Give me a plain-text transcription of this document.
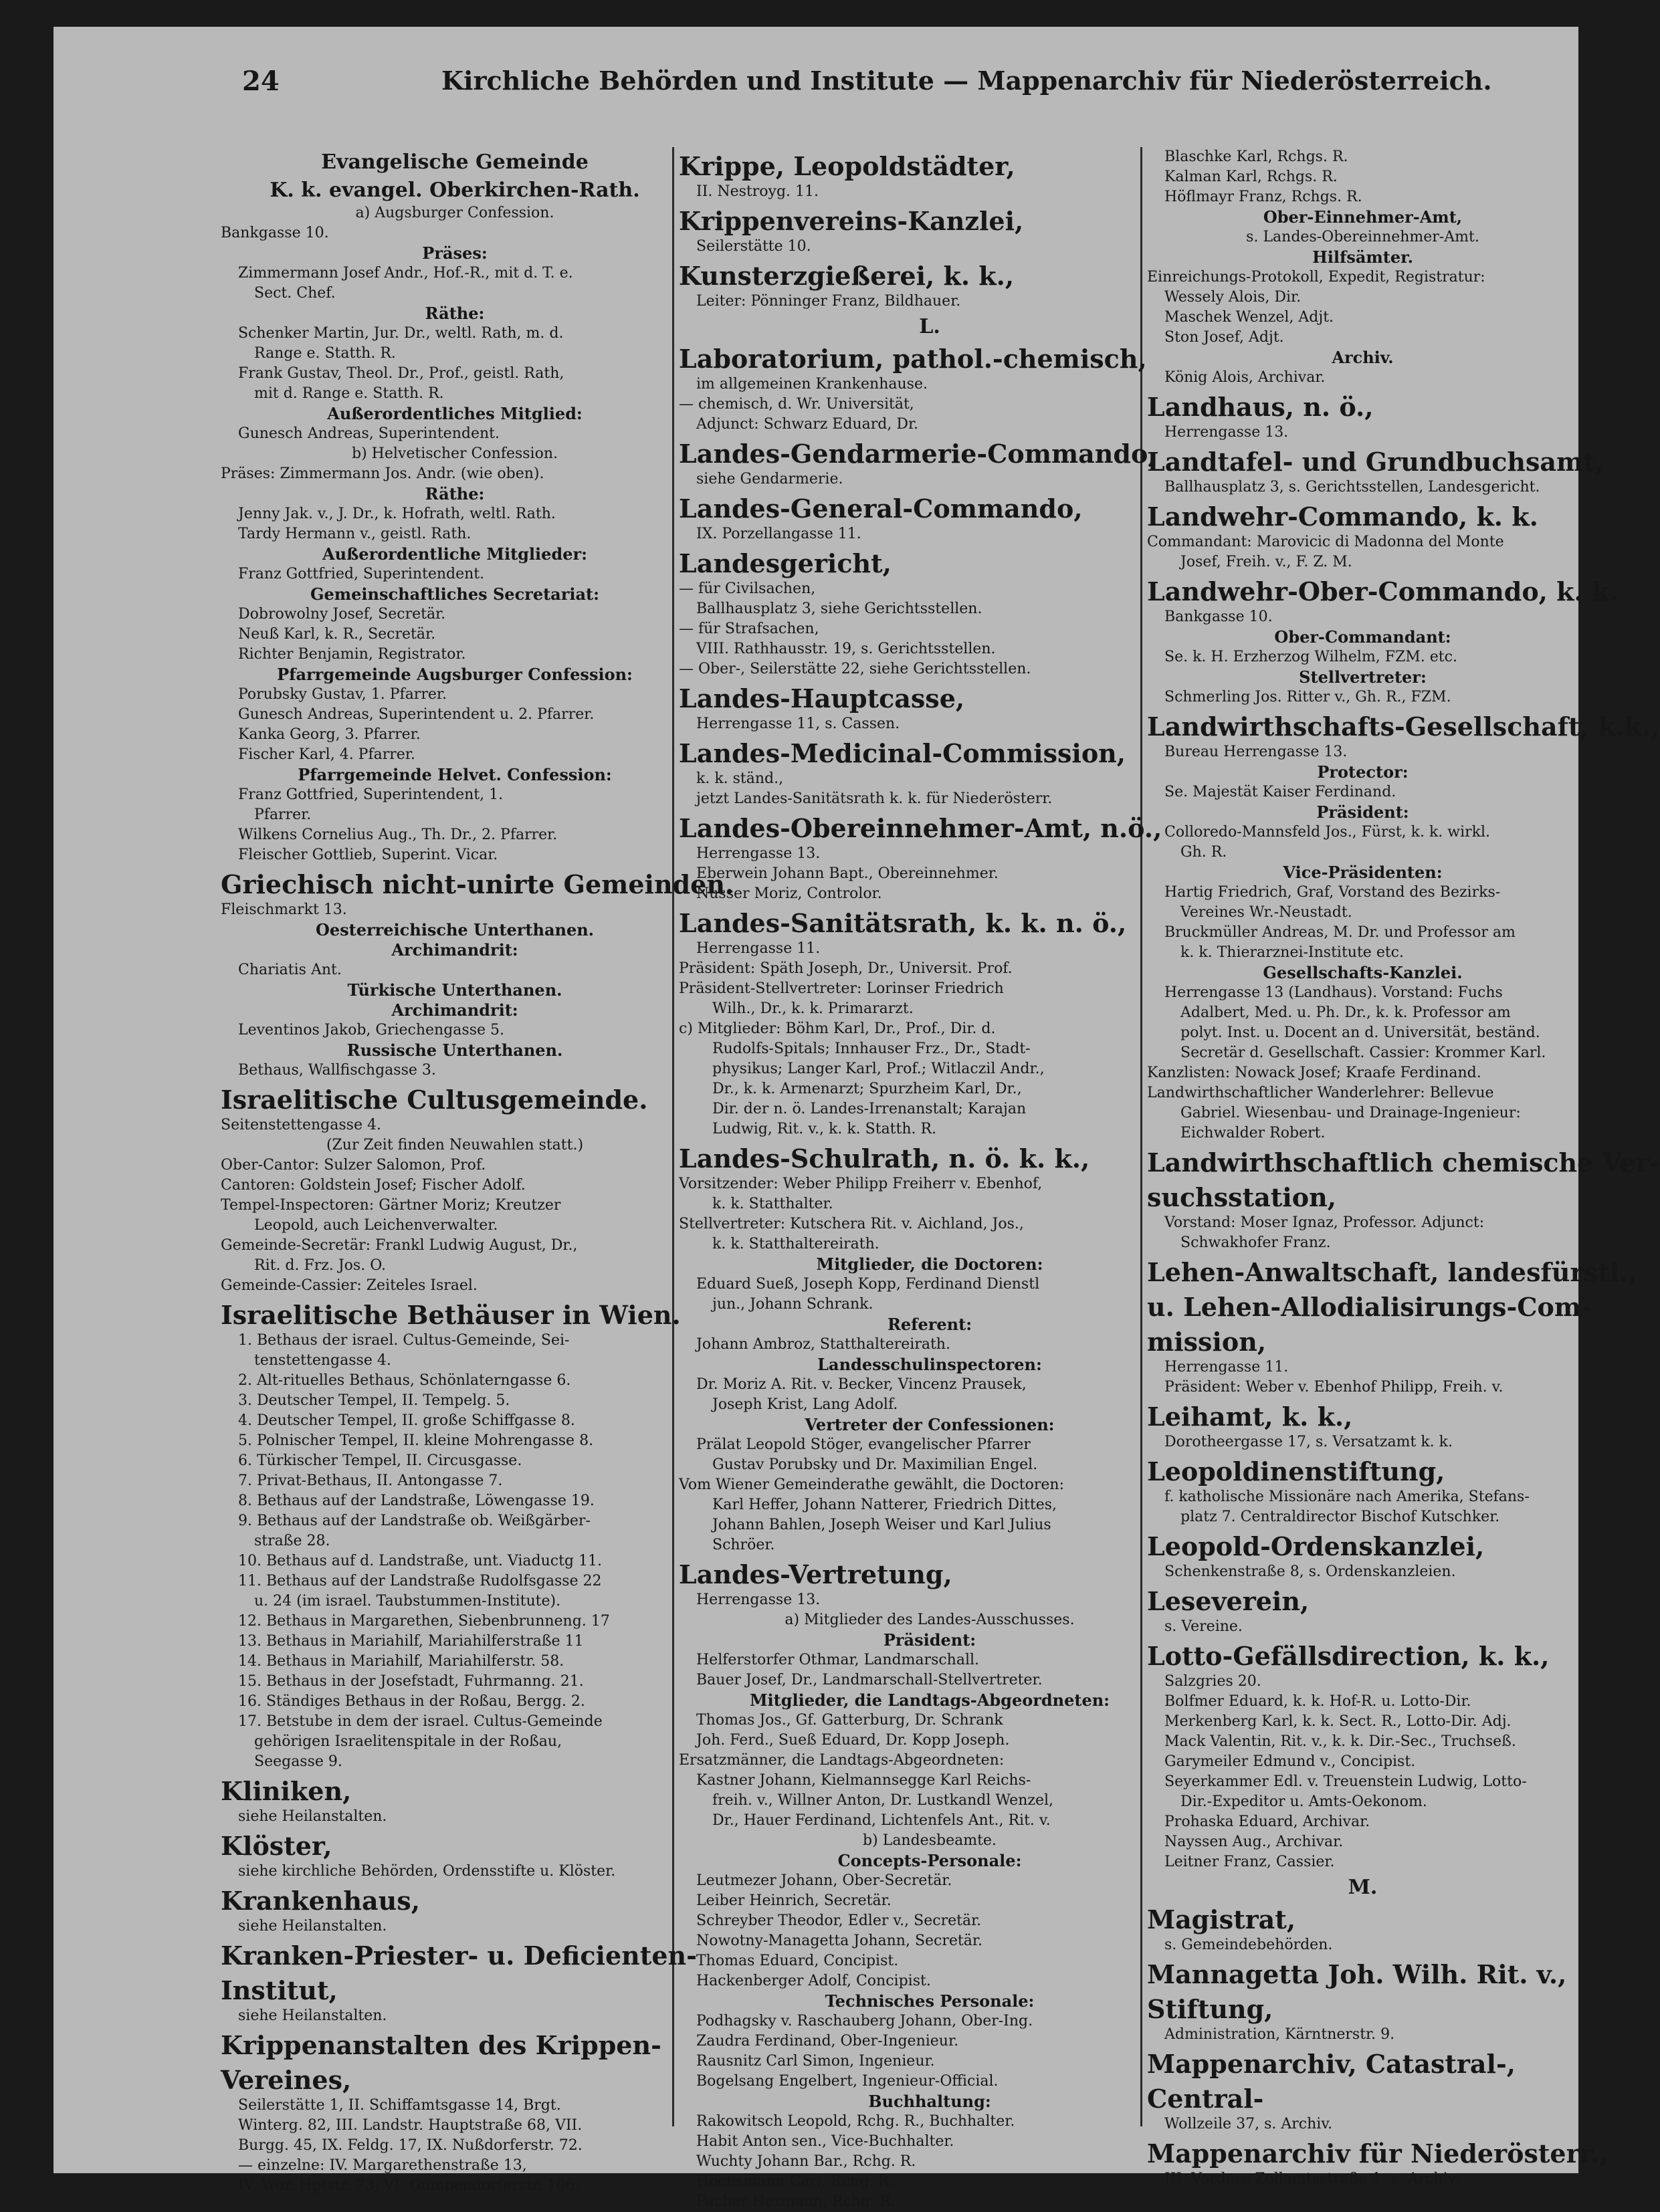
24	Kirchliche Behörden und Institute — Mappenarchiv für Niederösterreich.
Evangelische Gemeinde
K. k. evangel. Oberkirchen-Rath.
a) Augsburger Confession.
Bankgasse 10.
Präses:
Zimmermann Josef Andr., Hof.-R., mit d. T. e.
Sect. Chef.
Räthe:
Schenker Martin, Jur. Dr., weltl. Rath, m. d.
Range e. Statth. R.
Frank Gustav, Theol. Dr., Prof., geistl. Rath,
mit d. Range e. Statth. R.
Außerordentliches Mitglied:
Gunesch Andreas, Superintendent.
b) Helvetischer Confession.
Präses: Zimmermann Jos. Andr. (wie oben).
Räthe:
Jenny Jak. v., J. Dr., k. Hofrath, weltl. Rath.
Tardy Hermann v., geistl. Rath.
Außerordentliche Mitglieder:
Franz Gottfried, Superintendent.
Gemeinschaftliches Secretariat:
Dobrowolny Josef, Secretär.
Neuß Karl, k. R., Secretär.
Richter Benjamin, Registrator.
Pfarrgemeinde Augsburger Confession:
Porubsky Gustav, 1. Pfarrer.
Gunesch Andreas, Superintendent u. 2. Pfarrer.
Kanka Georg, 3. Pfarrer.
Fischer Karl, 4. Pfarrer.
Pfarrgemeinde Helvet. Confession:
Franz Gottfried, Superintendent, 1.
Pfarrer.
Wilkens Cornelius Aug., Th. Dr., 2. Pfarrer.
Fleischer Gottlieb, Superint. Vicar.
Griechisch nicht-unirte Gemeinden.
Fleischmarkt 13.
Oesterreichische Unterthanen.
Archimandrit:
Chariatis Ant.
Türkische Unterthanen.
Archimandrit:
Leventinos Jakob, Griechengasse 5.
Russische Unterthanen.
Bethaus, Wallfischgasse 3.
Israelitische Cultusgemeinde.
Seitenstettengasse 4.
(Zur Zeit finden Neuwahlen statt.)
Ober-Cantor: Sulzer Salomon, Prof.
Cantoren: Goldstein Josef; Fischer Adolf.
Tempel-Inspectoren: Gärtner Moriz; Kreutzer
Leopold, auch Leichenverwalter.
Gemeinde-Secretär: Frankl Ludwig August, Dr.,
Rit. d. Frz. Jos. O.
Gemeinde-Cassier: Zeiteles Israel.
Israelitische Bethäuser in Wien.
1. Bethaus der israel. Cultus-Gemeinde, Sei-
tenstettengasse 4.
2. Alt-rituelles Bethaus, Schönlaterngasse 6.
3. Deutscher Tempel, II. Tempelg. 5.
4. Deutscher Tempel, II. große Schiffgasse 8.
5. Polnischer Tempel, II. kleine Mohrengasse 8.
6. Türkischer Tempel, II. Circusgasse.
7. Privat-Bethaus, II. Antongasse 7.
8. Bethaus auf der Landstraße, Löwengasse 19.
9. Bethaus auf der Landstraße ob. Weißgärber-
straße 28.
10. Bethaus auf d. Landstraße, unt. Viaductg 11.
11. Bethaus auf der Landstraße Rudolfsgasse 22
u. 24 (im israel. Taubstummen-Institute).
12. Bethaus in Margarethen, Siebenbrunneng. 17
13. Bethaus in Mariahilf, Mariahilferstraße 11
14. Bethaus in Mariahilf, Mariahilferstr. 58.
15. Bethaus in der Josefstadt, Fuhrmanng. 21.
16. Ständiges Bethaus in der Roßau, Bergg. 2.
17. Betstube in dem der israel. Cultus-Gemeinde
gehörigen Israelitenspitale in der Roßau,
Seegasse 9.
Kliniken,
siehe Heilanstalten.
Klöster,
siehe kirchliche Behörden, Ordensstifte u. Klöster.
Krankenhaus,
siehe Heilanstalten.
Kranken-Priester- u. Deficienten-
Institut,
siehe Heilanstalten.
Krippenanstalten des Krippen-
Vereines,
Seilerstätte 1, II. Schiffamtsgasse 14, Brgt.
Winterg. 82, III. Landstr. Hauptstraße 68, VII.
Burgg. 45, IX. Feldg. 17, IX. Nußdorferstr. 72.
— einzelne: IV. Margarethenstraße 13,
IV. Wor. Hptstr. 73, VI. Gumpendorferstr. 106.
Krippe, Leopoldstädter,
II. Nestroyg. 11.
Krippenvereins-Kanzlei,
Seilerstätte 10.
Kunsterzgießerei, k. k.,
Leiter: Pönninger Franz, Bildhauer.
L.
Laboratorium, pathol.-chemisch,
im allgemeinen Krankenhause.
— chemisch, d. Wr. Universität,
Adjunct: Schwarz Eduard, Dr.
Landes-Gendarmerie-Commando,
siehe Gendarmerie.
Landes-General-Commando,
IX. Porzellangasse 11.
Landesgericht,
— für Civilsachen,
Ballhausplatz 3, siehe Gerichtsstellen.
— für Strafsachen,
VIII. Rathhausstr. 19, s. Gerichtsstellen.
— Ober-, Seilerstätte 22, siehe Gerichtsstellen.
Landes-Hauptcasse,
Herrengasse 11, s. Cassen.
Landes-Medicinal-Commission,
k. k. ständ.,
jetzt Landes-Sanitätsrath k. k. für Niederösterr.
Landes-Obereinnehmer-Amt, n.ö.,
Herrengasse 13.
Eberwein Johann Bapt., Obereinnehmer.
Nusser Moriz, Controlor.
Landes-Sanitätsrath, k. k. n. ö.,
Herrengasse 11.
Präsident: Späth Joseph, Dr., Universit. Prof.
Präsident-Stellvertreter: Lorinser Friedrich
Wilh., Dr., k. k. Primararzt.
c) Mitglieder: Böhm Karl, Dr., Prof., Dir. d.
Rudolfs-Spitals; Innhauser Frz., Dr., Stadt-
physikus; Langer Karl, Prof.; Witlaczil Andr.,
Dr., k. k. Armenarzt; Spurzheim Karl, Dr.,
Dir. der n. ö. Landes-Irrenanstalt; Karajan
Ludwig, Rit. v., k. k. Statth. R.
Landes-Schulrath, n. ö. k. k.,
Vorsitzender: Weber Philipp Freiherr v. Ebenhof,
k. k. Statthalter.
Stellvertreter: Kutschera Rit. v. Aichland, Jos.,
k. k. Statthaltereirath.
Mitglieder, die Doctoren:
Eduard Sueß, Joseph Kopp, Ferdinand Dienstl
jun., Johann Schrank.
Referent:
Johann Ambroz, Statthaltereirath.
Landesschulinspectoren:
Dr. Moriz A. Rit. v. Becker, Vincenz Prausek,
Joseph Krist, Lang Adolf.
Vertreter der Confessionen:
Prälat Leopold Stöger, evangelischer Pfarrer
Gustav Porubsky und Dr. Maximilian Engel.
Vom Wiener Gemeinderathe gewählt, die Doctoren:
Karl Heffer, Johann Natterer, Friedrich Dittes,
Johann Bahlen, Joseph Weiser und Karl Julius
Schröer.
Landes-Vertretung,
Herrengasse 13.
a) Mitglieder des Landes-Ausschusses.
Präsident:
Helferstorfer Othmar, Landmarschall.
Bauer Josef, Dr., Landmarschall-Stellvertreter.
Mitglieder, die Landtags-Abgeordneten:
Thomas Jos., Gf. Gatterburg, Dr. Schrank
Joh. Ferd., Sueß Eduard, Dr. Kopp Joseph.
Ersatzmänner, die Landtags-Abgeordneten:
Kastner Johann, Kielmannsegge Karl Reichs-
freih. v., Willner Anton, Dr. Lustkandl Wenzel,
Dr., Hauer Ferdinand, Lichtenfels Ant., Rit. v.
b) Landesbeamte.
Concepts-Personale:
Leutmezer Johann, Ober-Secretär.
Leiber Heinrich, Secretär.
Schreyber Theodor, Edler v., Secretär.
Nowotny-Managetta Johann, Secretär.
Thomas Eduard, Concipist.
Hackenberger Adolf, Concipist.
Technisches Personale:
Podhagsky v. Raschauberg Johann, Ober-Ing.
Zaudra Ferdinand, Ober-Ingenieur.
Rausnitz Carl Simon, Ingenieur.
Bogelsang Engelbert, Ingenieur-Official.
Buchhaltung:
Rakowitsch Leopold, Rchg. R., Buchhalter.
Habit Anton sen., Vice-Buchhalter.
Wuchty Johann Bar., Rchg. R.
Höchsmann Carl, Rchg. R.
Pacher Hermann, Rchg. R.
Blaschke Karl, Rchgs. R.
Kalman Karl, Rchgs. R.
Höflmayr Franz, Rchgs. R.
Ober-Einnehmer-Amt,
s. Landes-Obereinnehmer-Amt.
Hilfsämter.
Einreichungs-Protokoll, Expedit, Registratur:
Wessely Alois, Dir.
Maschek Wenzel, Adjt.
Ston Josef, Adjt.
Archiv.
König Alois, Archivar.
Landhaus, n. ö.,
Herrengasse 13.
Landtafel- und Grundbuchsamt,
Ballhausplatz 3, s. Gerichtsstellen, Landesgericht.
Landwehr-Commando, k. k.
Commandant: Marovicic di Madonna del Monte
Josef, Freih. v., F. Z. M.
Landwehr-Ober-Commando, k. k.
Bankgasse 10.
Ober-Commandant:
Se. k. H. Erzherzog Wilhelm, FZM. etc.
Stellvertreter:
Schmerling Jos. Ritter v., Gh. R., FZM.
Landwirthschafts-Gesellschaft, k.k.,
Bureau Herrengasse 13.
Protector:
Se. Majestät Kaiser Ferdinand.
Präsident:
Colloredo-Mannsfeld Jos., Fürst, k. k. wirkl.
Gh. R.
Vice-Präsidenten:
Hartig Friedrich, Graf, Vorstand des Bezirks-
Vereines Wr.-Neustadt.
Bruckmüller Andreas, M. Dr. und Professor am
k. k. Thierarznei-Institute etc.
Gesellschafts-Kanzlei.
Herrengasse 13 (Landhaus). Vorstand: Fuchs
Adalbert, Med. u. Ph. Dr., k. k. Professor am
polyt. Inst. u. Docent an d. Universität, beständ.
Secretär d. Gesellschaft. Cassier: Krommer Karl.
Kanzlisten: Nowack Josef; Kraafe Ferdinand.
Landwirthschaftlicher Wanderlehrer: Bellevue
Gabriel. Wiesenbau- und Drainage-Ingenieur:
Eichwalder Robert.
Landwirthschaftlich chemische Ver-
suchsstation,
Vorstand: Moser Ignaz, Professor. Adjunct:
Schwakhofer Franz.
Lehen-Anwaltschaft, landesfürstl.,
u. Lehen-Allodialisirungs-Com-
mission,
Herrengasse 11.
Präsident: Weber v. Ebenhof Philipp, Freih. v.
Leihamt, k. k.,
Dorotheergasse 17, s. Versatzamt k. k.
Leopoldinenstiftung,
f. katholische Missionäre nach Amerika, Stefans-
platz 7. Centraldirector Bischof Kutschker.
Leopold-Ordenskanzlei,
Schenkenstraße 8, s. Ordenskanzleien.
Leseverein,
s. Vereine.
Lotto-Gefällsdirection, k. k.,
Salzgries 20.
Bolfmer Eduard, k. k. Hof-R. u. Lotto-Dir.
Merkenberg Karl, k. k. Sect. R., Lotto-Dir. Adj.
Mack Valentin, Rit. v., k. k. Dir.-Sec., Truchseß.
Garymeiler Edmund v., Concipist.
Seyerkammer Edl. v. Treuenstein Ludwig, Lotto-
Dir.-Expeditor u. Amts-Oekonom.
Prohaska Eduard, Archivar.
Nayssen Aug., Archivar.
Leitner Franz, Cassier.
M.
Magistrat,
s. Gemeindebehörden.
Mannagetta Joh. Wilh. Rit. v.,
Stiftung,
Administration, Kärntnerstr. 9.
Mappenarchiv, Catastral-,
Central-
Wollzeile 37, s. Archiv.
Mappenarchiv für Niederösterr.,
III. Vordere Zollamtsstraße 1, s. Archiv.
